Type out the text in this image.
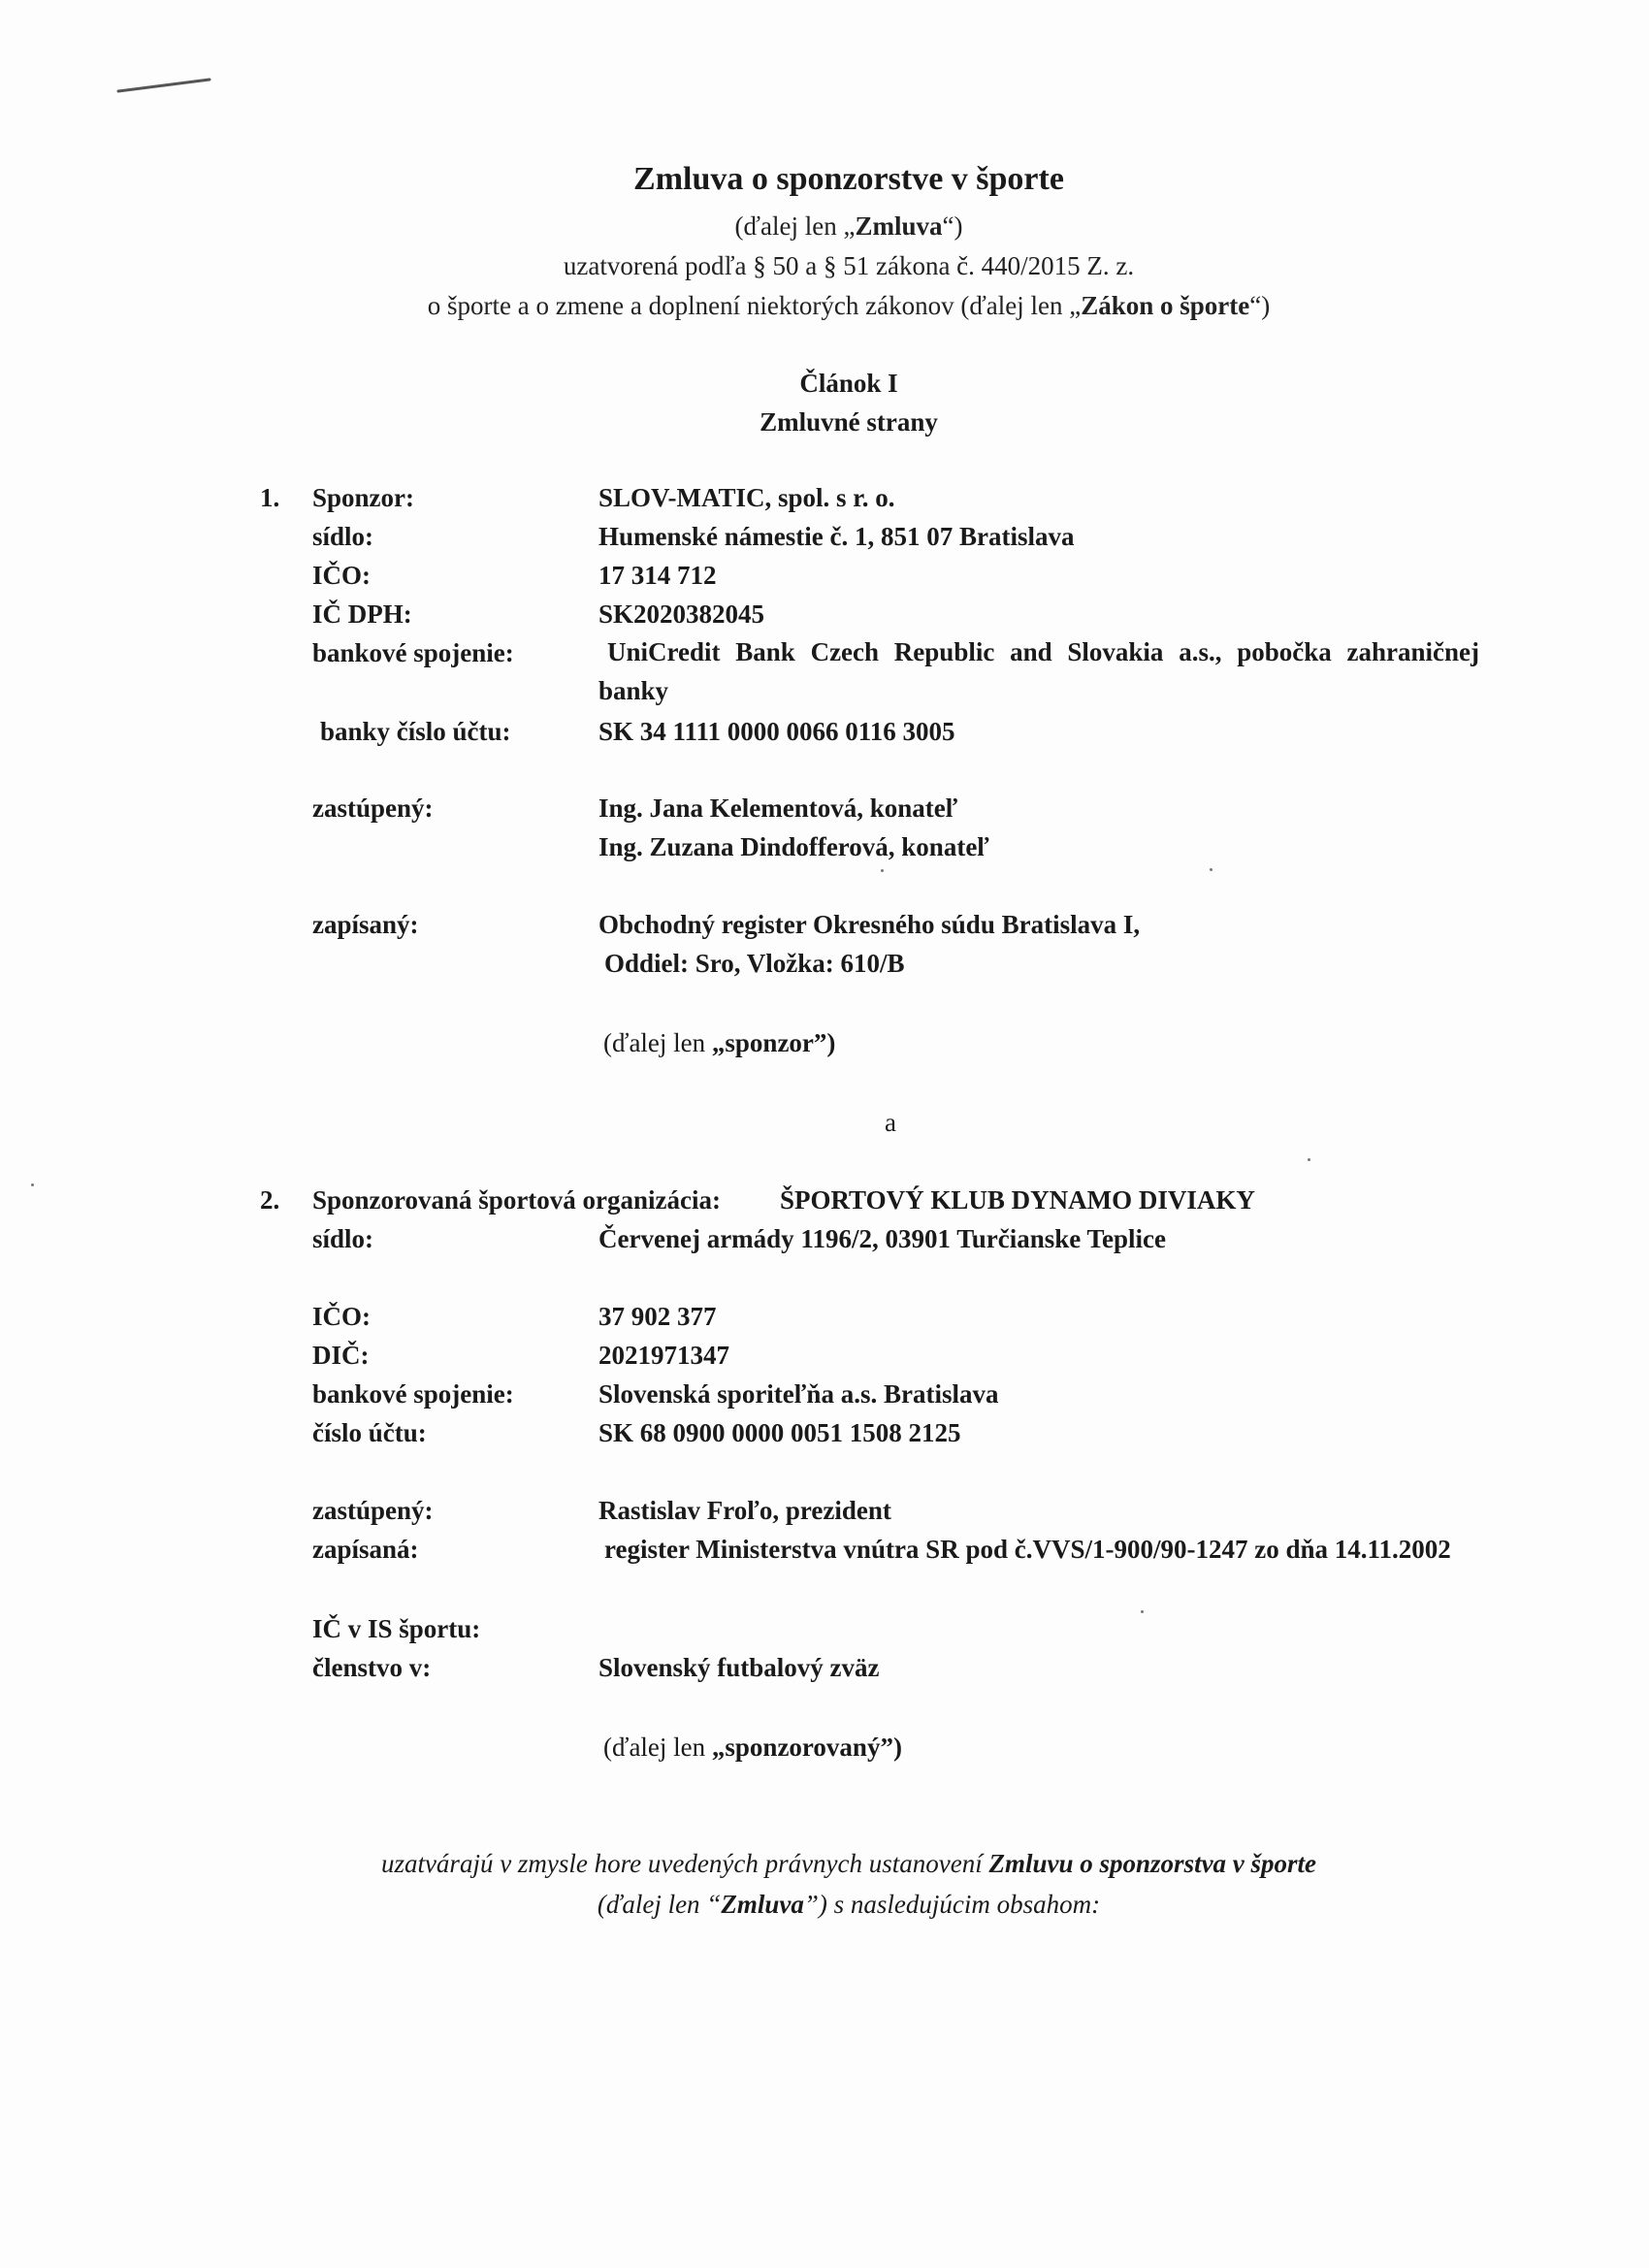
Zmluva o sponzorstve v športe
(ďalej len „Zmluva“)
uzatvorená podľa § 50 a § 51 zákona č. 440/2015 Z. z.
o športe a o zmene a doplnení niektorých zákonov (ďalej len „Zákon o športe“)
Článok I
Zmluvné strany
1. Sponzor:	SLOV-MATIC, spol. s r. o.
sídlo:	Humenské námestie č. 1, 851 07 Bratislava
IČO:	17 314 712
IČ DPH:	SK2020382045
bankové spojenie:	UniCredit Bank Czech Republic and Slovakia a.s., pobočka zahraničnej banky
banky číslo účtu:	SK 34 1111 0000 0066 0116 3005
zastúpený:	Ing. Jana Kelementová, konateľ
Ing. Zuzana Dindofferová, konateľ
zapísaný:	Obchodný register Okresného súdu Bratislava I,
Oddiel: Sro, Vložka: 610/B
(ďalej len „sponzor”)
a
2. Sponzorovaná športová organizácia: ŠPORTOVÝ KLUB DYNAMO DIVIAKY
sídlo:	Červenej armády 1196/2, 03901 Turčianske Teplice
IČO:	37 902 377
DIČ:	2021971347
bankové spojenie:	Slovenská sporiteľňa a.s. Bratislava
číslo účtu:	SK 68 0900 0000 0051 1508 2125
zastúpený:	Rastislav Froľo, prezident
zapísaná:	register Ministerstva vnútra SR pod č.VVS/1-900/90-1247 zo dňa 14.11.2002
IČ v IS športu:
členstvo v:	Slovenský futbalový zväz
(ďalej len „sponzorovaný”)
uzatvárajú v zmysle hore uvedených právnych ustanovení Zmluvu o sponzorstva v športe
(ďalej len “Zmluva”) s nasledujúcim obsahom:
